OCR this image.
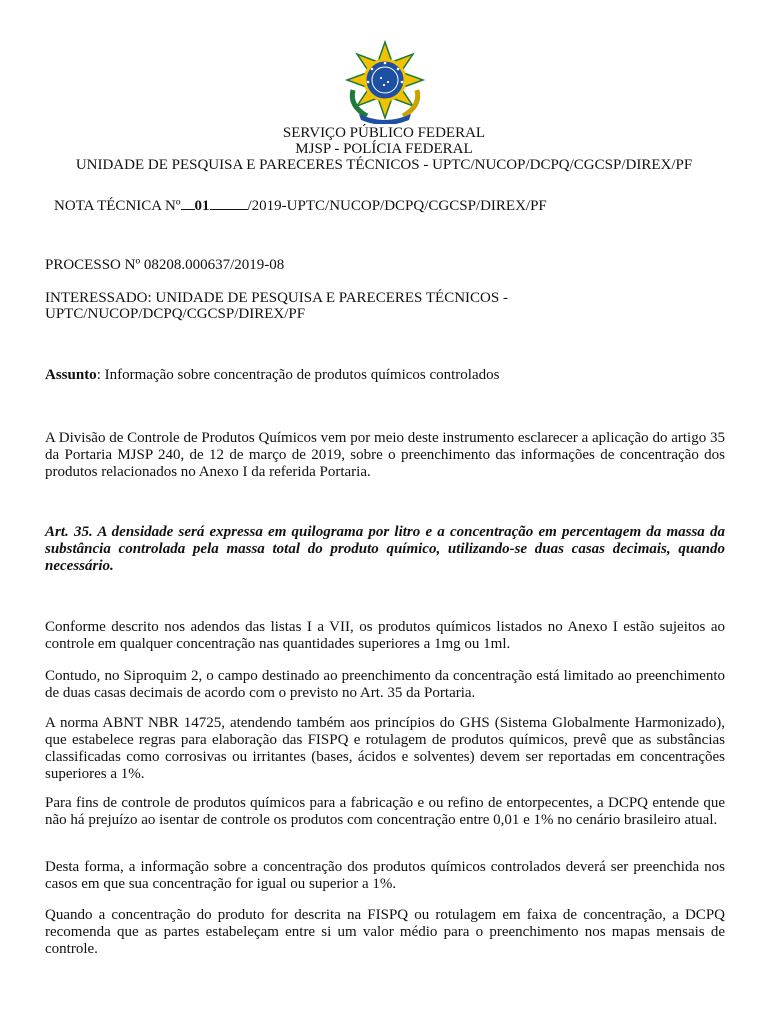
SERVIÇO PÚBLICO FEDERAL

MJSP - POLÍCIA FEDERAL

UNIDADE DE PESQUISA E PARECERES TÉCNICOS - UPTC/NUCOP/DCPQ/CGCSP/DIREX/PF

NOTA TÉCNICA Nº 01	/2019-UPTC/NUCOP/DCPQ/CGCSP/DIREX/PF

PROCESSO Nº 08208.000637/2019-08

INTERESSADO: UNIDADE DE PESQUISA E PARECERES TÉCNICOS -

UPTC/NUCOP/DCPQ/CGCSP/DIREX/PF

Assunto: Informação sobre concentração de produtos químicos controlados

A Divisão de Controle de Produtos Químicos vem por meio deste instrumento esclarecer a aplicação do artigo 35 da Portaria MJSP 240, de 12 de março de 2019, sobre o preenchimento das informações de concentração dos produtos relacionados no Anexo I da referida Portaria.

Art. 35. A densidade será expressa em quilograma por litro e a concentração em percentagem da massa da substância controlada pela massa total do produto químico, utilizando-se duas casas decimais, quando necessário.

Conforme descrito nos adendos das listas I a VII, os produtos químicos listados no Anexo I estão sujeitos ao controle em qualquer concentração nas quantidades superiores a 1mg ou 1ml.

Contudo, no Siproquim 2, o campo destinado ao preenchimento da concentração está limitado ao preenchimento de duas casas decimais de acordo com o previsto no Art. 35 da Portaria.

A norma ABNT NBR 14725, atendendo também aos princípios do GHS (Sistema Globalmente Harmonizado), que estabelece regras para elaboração das FISPQ e rotulagem de produtos químicos, prevê que as substâncias classificadas como corrosivas ou irritantes (bases, ácidos e solventes) devem ser reportadas em concentrações superiores a 1%.

Para fins de controle de produtos químicos para a fabricação e ou refino de entorpecentes, a DCPQ entende que não há prejuízo ao isentar de controle os produtos com concentração entre 0,01 e 1% no cenário brasileiro atual.

Desta forma, a informação sobre a concentração dos produtos químicos controlados deverá ser preenchida nos casos em que sua concentração for igual ou superior a 1%.

Quando a concentração do produto for descrita na FISPQ ou rotulagem em faixa de concentração, a DCPQ recomenda que as partes estabeleçam entre si um valor médio para o preenchimento nos mapas mensais de controle.
